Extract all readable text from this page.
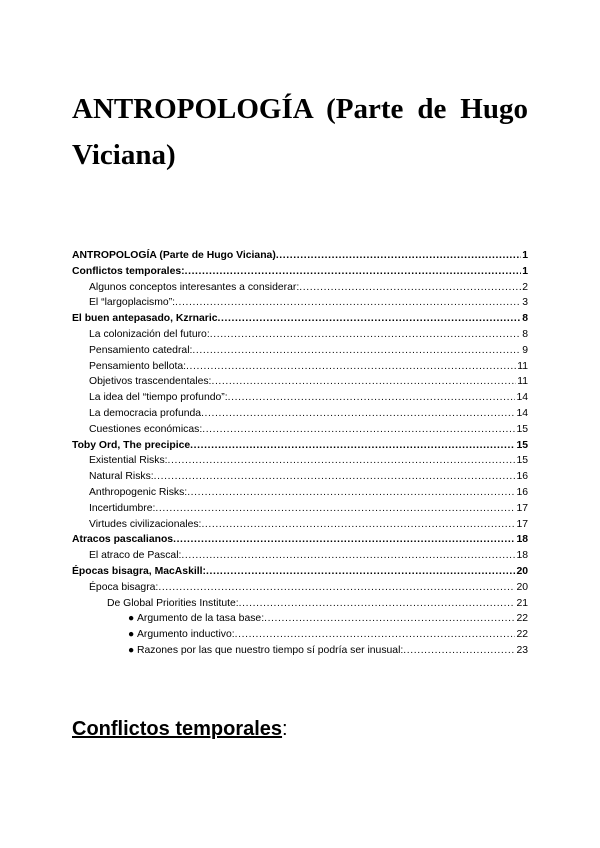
ANTROPOLOGÍA (Parte de Hugo Viciana)
ANTROPOLOGÍA (Parte de Hugo Viciana) .....	1
Conflictos temporales: .....	1
Algunos conceptos interesantes a considerar: .....	2
El “largoplacismo”: .....	3
El buen antepasado, Kzrnaric .....	8
La colonización del futuro: .....	8
Pensamiento catedral: .....	9
Pensamiento bellota: .....	11
Objetivos trascendentales: .....	11
La idea del “tiempo profundo”: .....	14
La democracia profunda .....	14
Cuestiones económicas: .....	15
Toby Ord, The precipice .....	15
Existential Risks: .....	15
Natural Risks: .....	16
Anthropogenic Risks: .....	16
Incertidumbre: .....	17
Virtudes civilizacionales: .....	17
Atracos pascalianos .....	18
El atraco de Pascal: .....	18
Épocas bisagra, MacAskill: .....	20
Época bisagra: .....	20
De Global Priorities Institute: .....	21
● Argumento de la tasa base: .....	22
● Argumento inductivo: .....	22
● Razones por las que nuestro tiempo sí podría ser inusual: .....	23
Conflictos temporales:
